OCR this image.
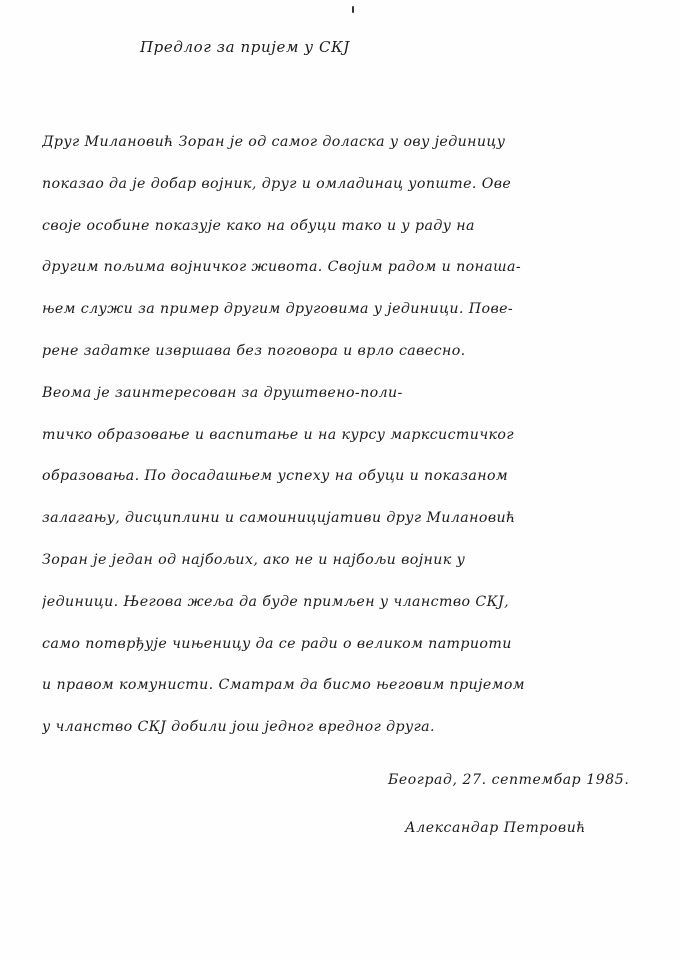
Предлог за пријем у СКЈ
Друг Милановић Зоран је од самог доласка у ову јединицу
показао да је добар војник, друг и омладинац уопште. Ове
своје особине показује како на обуци тако и у раду на
другим пољима војничког живота. Својим радом и понаша-
њем служи за пример другим друговима у јединици. Пове-
рене задатке извршава без поговора и врло савесно.
Веома је заинтересован за друштвено-поли-
тичко образовање и васпитање и на курсу марксистичког
образовања. По досадашњем успеху на обуци и показаном
залагању, дисциплини и самоиницијативи друг Милановић
Зоран је један од најбољих, ако не и најбољи војник у
јединици. Његова жеља да буде примљен у чланство СКЈ,
само потврђује чињеницу да се ради о великом патриоти
и правом комунисти. Сматрам да бисмо његовим пријемом
у чланство СКЈ добили још једног вредног друга.
Београд, 27. септембар 1985.
Александар Петровић
